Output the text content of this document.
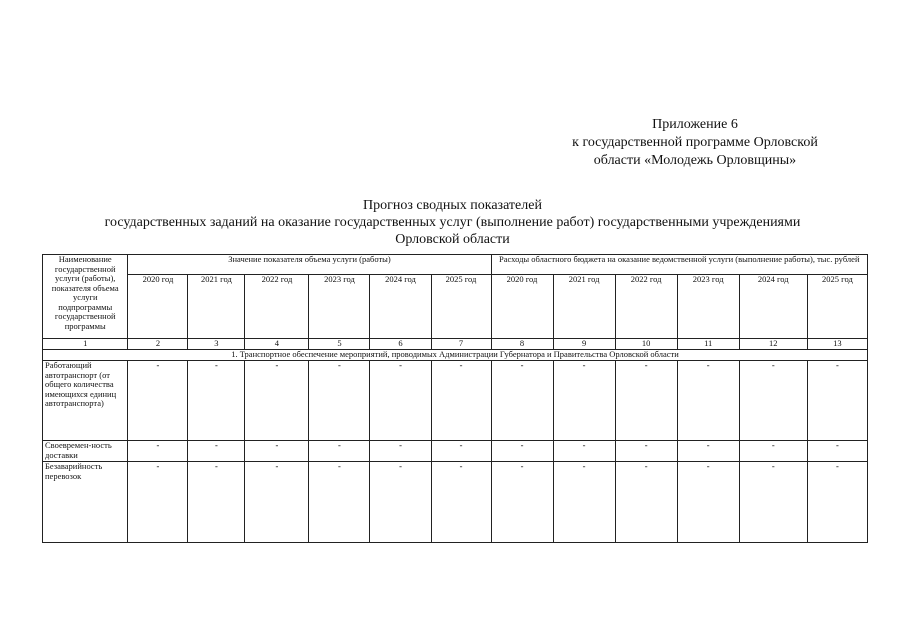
Приложение 6
к государственной программе Орловской
области «Молодежь Орловщины»
Прогноз сводных показателей
государственных заданий на оказание государственных услуг (выполнение работ) государственными учреждениями
Орловской области
Наименование государственной услуги (работы), показателя объема услуги подпрограммы государственной программы	Значение показателя объема услуги (работы)						Расходы областного бюджета на оказание ведомственной услуги (выполнение работы), тыс. рублей					
	2020 год	2021 год	2022 год	2023 год	2024 год	2025 год	2020 год	2021 год	2022 год	2023 год	2024 год	2025 год
1	2	3	4	5	6	7	8	9	10	11	12	13
1. Транспортное обеспечение мероприятий, проводимых Администрации Губернатора и Правительства Орловской области												
Работающий автотранспорт (от общего количества имеющихся единиц автотранспорта)	-	-	-	-	-	-	-	-	-	-	-	-
Своевремен-ность доставки	-	-	-	-	-	-	-	-	-	-	-	-
Безаварийность перевозок	-	-	-	-	-	-	-	-	-	-	-	-
